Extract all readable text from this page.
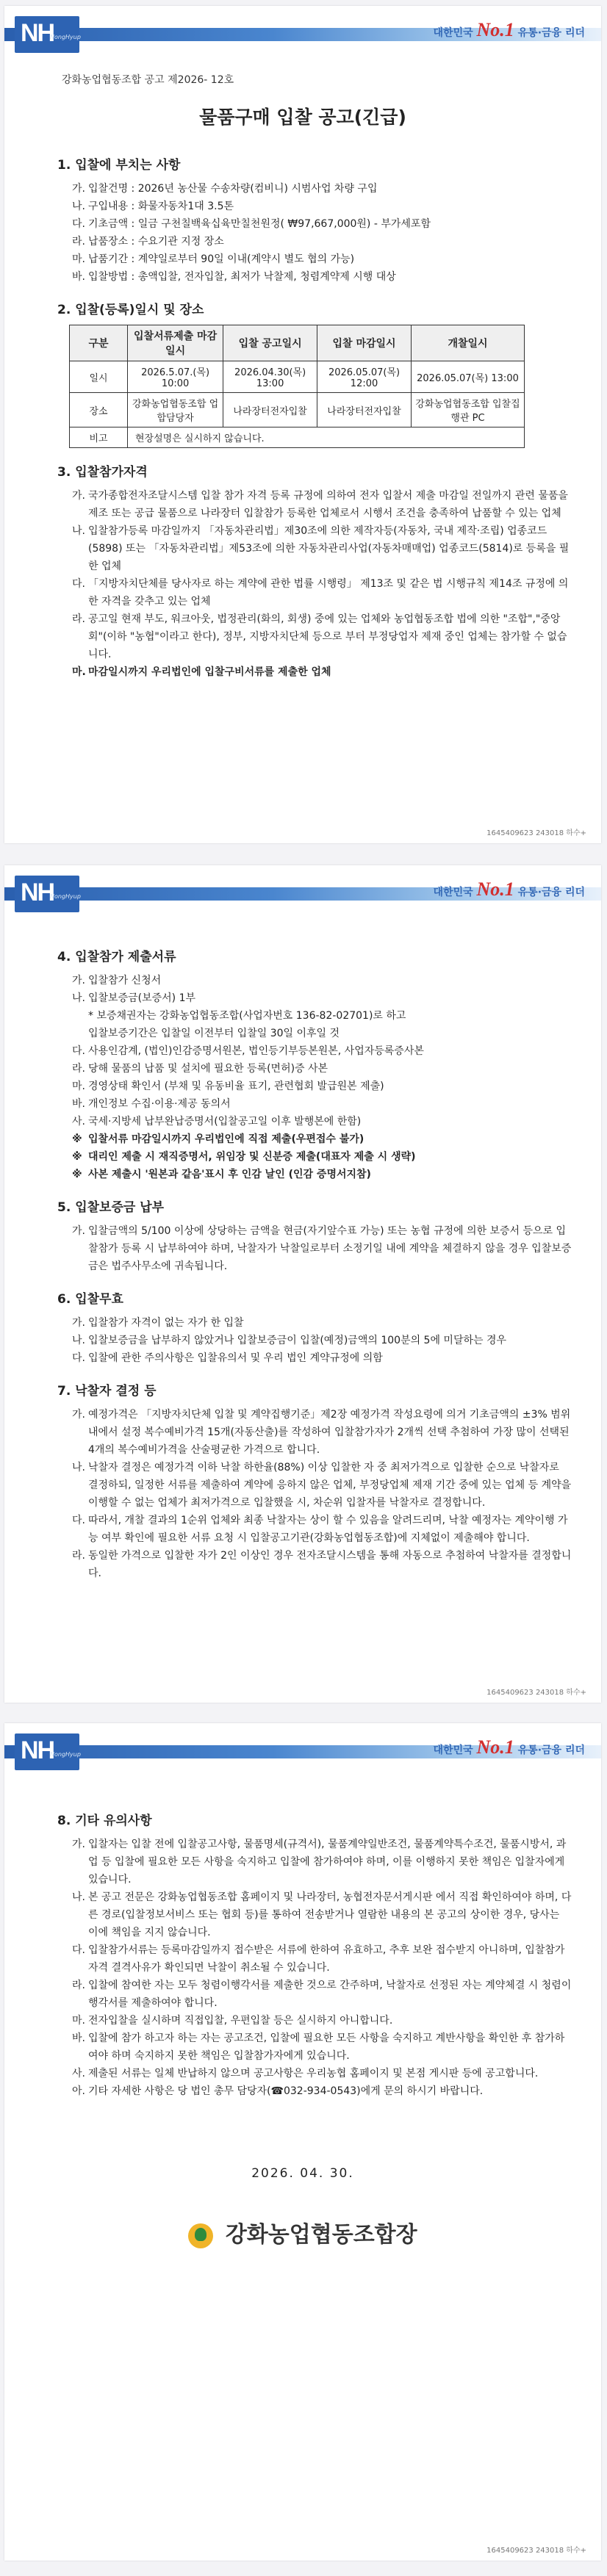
NH
NongHyup	대한민국 No.1 유통·금융 리더
강화농업협동조합 공고 제2026- 12호
물품구매 입찰 공고(긴급)
1. 입찰에 부치는 사항
가. 입찰건명 : 2026년 농산물 수송차량(컴비니) 시범사업 차량 구입
나. 구입내용 : 화물자동차1대 3.5톤
다. 기초금액 : 일금 구천칠백육십육만칠천원정( ₩97,667,000원) - 부가세포함
라. 납품장소 : 수요기관 지정 장소
마. 납품기간 : 계약일로부터 90일 이내(계약시 별도 협의 가능)
바. 입찰방법 : 총액입찰, 전자입찰, 최저가 낙찰제, 청렴계약제 시행 대상
2. 입찰(등록)일시 및 장소
구분	입찰서류제출 마감일시	입찰 공고일시	입찰 마감일시	개찰일시
일시	2026.5.07.(목) 10:00	2026.04.30(목) 13:00	2026.05.07(목) 12:00	2026.05.07(목) 13:00
장소	강화농업협동조합 업합담당자	나라장터전자입찰	나라장터전자입찰	강화농업협동조합 입찰집행관 PC
비고	현장설명은 실시하지 않습니다.			
3. 입찰참가자격
가. 국가종합전자조달시스템 입찰 참가 자격 등록 규정에 의하여 전자 입찰서 제출 마감일 전일까지 관련 물품을 제조 또는 공급 물품으로 나라장터 입찰참가 등록한 업체로서 시행서 조건을 충족하여 납품할 수 있는 업체
나. 입찰참가등록 마감일까지 「자동차관리법」제30조에 의한 제작자등(자동차, 국내 제작·조립) 업종코드(5898) 또는 「자동차관리법」제53조에 의한 자동차관리사업(자동차매매업) 업종코드(5814)로 등록을 필한 업체
다. 「지방자치단체를 당사자로 하는 계약에 관한 법률 시행령」 제13조 및 같은 법 시행규칙 제14조 규정에 의한 자격을 갖추고 있는 업체
라. 공고일 현재 부도, 워크아웃, 법정관리(화의, 회생) 중에 있는 업체와 농업협동조합 법에 의한 "조합","중앙회"(이하 "농협"이라고 한다), 정부, 지방자치단체 등으로 부터 부정당업자 제재 중인 업체는 참가할 수 없습니다.
마. 마감일시까지 우리법인에 입찰구비서류를 제출한 업체
1645409623 243018 하수+
NH
NongHyup	대한민국 No.1 유통·금융 리더
4. 입찰참가 제출서류
가. 입찰참가 신청서
나. 입찰보증금(보증서) 1부
* 보증채권자는 강화농업협동조합(사업자번호 136-82-02701)로 하고
입찰보증기간은 입찰일 이전부터 입찰일 30일 이후일 것
다. 사용인감계, (법인)인감증명서원본, 법인등기부등본원본, 사업자등록증사본
라. 당해 물품의 납품 및 설치에 필요한 등록(면허)증 사본
마. 경영상태 확인서 (부채 및 유동비율 표기, 관련협회 발급원본 제출)
바. 개인정보 수집·이용·제공 동의서
사. 국세·지방세 납부완납증명서(입찰공고일 이후 발행본에 한함)
※ 입찰서류 마감일시까지 우리법인에 직접 제출(우편접수 불가)
※ 대리인 제출 시 재직증명서, 위임장 및 신분증 제출(대표자 제출 시 생략)
※ 사본 제출시 '원본과 같음'표시 후 인감 날인 (인감 증명서지참)
5. 입찰보증금 납부
가. 입찰금액의 5/100 이상에 상당하는 금액을 현금(자기앞수표 가능) 또는 농협 규정에 의한 보증서 등으로 입찰참가 등록 시 납부하여야 하며, 낙찰자가 낙찰일로부터 소정기일 내에 계약을 체결하지 않을 경우 입찰보증금은 법주사무소에 귀속됩니다.
6. 입찰무효
가. 입찰참가 자격이 없는 자가 한 입찰
나. 입찰보증금을 납부하지 않았거나 입찰보증금이 입찰(예정)금액의 100분의 5에 미달하는 경우
다. 입찰에 관한 주의사항은 입찰유의서 및 우리 법인 계약규정에 의함
7. 낙찰자 결정 등
가. 예정가격은 「지방자치단체 입찰 및 계약집행기준」제2장 예정가격 작성요령에 의거 기초금액의 ±3% 범위 내에서 설정 복수예비가격 15개(자동산출)를 작성하여 입찰참가자가 2개씩 선택 추첨하여 가장 많이 선택된 4개의 복수예비가격을 산술평균한 가격으로 합니다.
나. 낙찰자 결정은 예정가격 이하 낙찰 하한율(88%) 이상 입찰한 자 중 최저가격으로 입찰한 순으로 낙찰자로 결정하되, 일정한 서류를 제출하여 계약에 응하지 않은 업체, 부정당업체 제재 기간 중에 있는 업체 등 계약을 이행할 수 없는 업체가 최저가격으로 입찰했을 시, 차순위 입찰자를 낙찰자로 결정합니다.
다. 따라서, 개찰 결과의 1순위 업체와 최종 낙찰자는 상이 할 수 있음을 알려드리며, 낙찰 예정자는 계약이행 가능 여부 확인에 필요한 서류 요청 시 입찰공고기관(강화농업협동조합)에 지체없이 제출해야 합니다.
라. 동일한 가격으로 입찰한 자가 2인 이상인 경우 전자조달시스템을 통해 자동으로 추첨하여 낙찰자를 결정합니다.
1645409623 243018 하수+
NH
NongHyup	대한민국 No.1 유통·금융 리더
8. 기타 유의사항
가. 입찰자는 입찰 전에 입찰공고사항, 물품명세(규격서), 물품계약일반조건, 물품계약특수조건, 물품시방서, 과업 등 입찰에 필요한 모든 사항을 숙지하고 입찰에 참가하여야 하며, 이를 이행하지 못한 책임은 입찰자에게 있습니다.
나. 본 공고 전문은 강화농업협동조합 홈페이지 및 나라장터, 농협전자문서게시판 에서 직접 확인하여야 하며, 다른 경로(입찰정보서비스 또는 협회 등)를 통하여 전송받거나 열람한 내용의 본 공고의 상이한 경우, 당사는 이에 책임을 지지 않습니다.
다. 입찰참가서류는 등록마감일까지 접수받은 서류에 한하여 유효하고, 추후 보완 접수받지 아니하며, 입찰참가자격 결격사유가 확인되면 낙찰이 취소될 수 있습니다.
라. 입찰에 참여한 자는 모두 청렴이행각서를 제출한 것으로 간주하며, 낙찰자로 선정된 자는 계약체결 시 청렴이행각서를 제출하여야 합니다.
마. 전자입찰을 실시하며 직접입찰, 우편입찰 등은 실시하지 아니합니다.
바. 입찰에 참가 하고자 하는 자는 공고조건, 입찰에 필요한 모든 사항을 숙지하고 계반사항을 확인한 후 참가하여야 하며 숙지하지 못한 책임은 입찰참가자에게 있습니다.
사. 제출된 서류는 일체 반납하지 않으며 공고사항은 우리농협 홈페이지 및 본점 게시판 등에 공고합니다.
아. 기타 자세한 사항은 당 법인 총무 담당자(☎032-934-0543)에게 문의 하시기 바랍니다.
2026. 04. 30.
강화농업협동조합장
1645409623 243018 하수+
